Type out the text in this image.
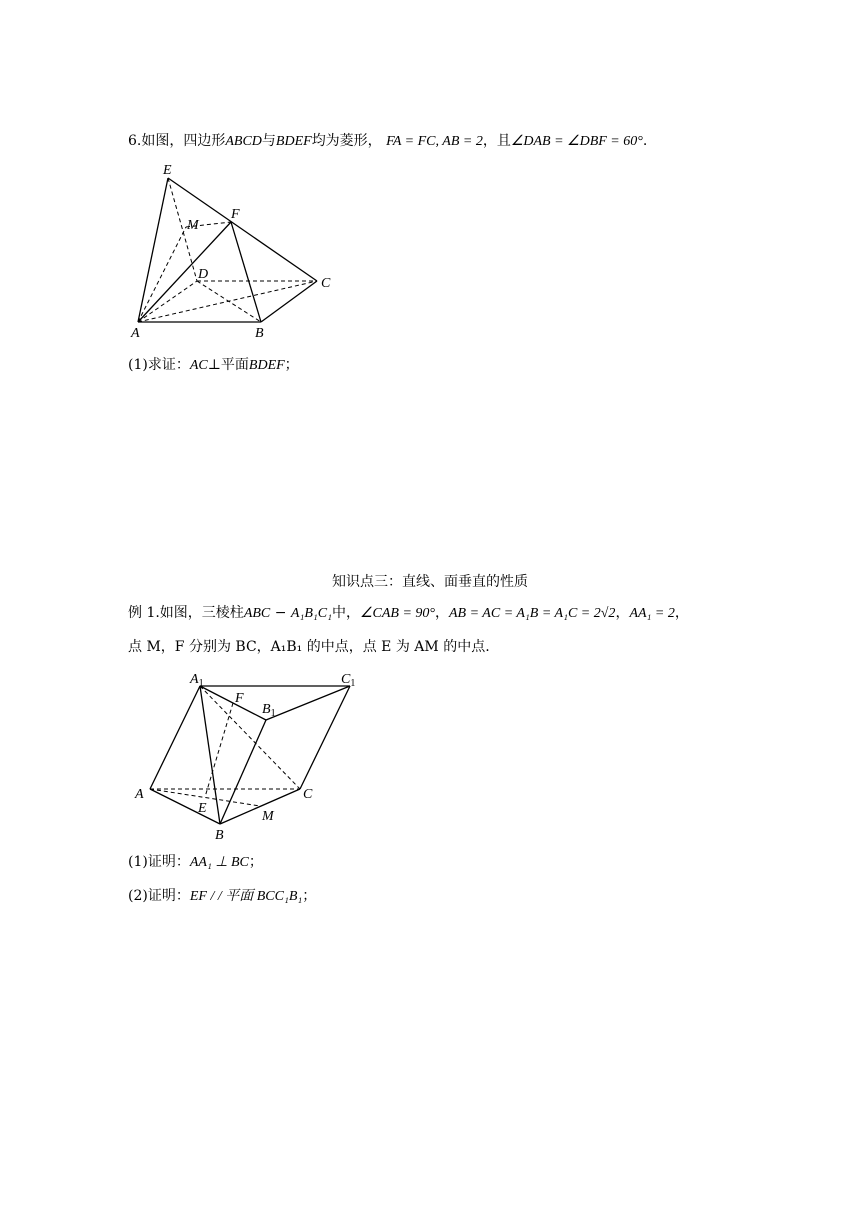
6.如图，四边形ABCD与BDEF均为菱形， FA = FC, AB = 2，且∠DAB = ∠DBF = 60°.
E
M
F
D
C
A	B
(1)求证：AC⊥平面BDEF；
知识点三：直线、面垂直的性质
例 1.如图，三棱柱ABC − A₁B₁C₁中，∠CAB = 90°，AB = AC = A₁B = A₁C = 2√2，AA₁ = 2，
点 M，F 分别为 BC，A₁B₁ 的中点，点 E 为 AM 的中点.
$A_1$	$C_1$
F
$B_1$
A
E
C
M
B
(1)证明：AA₁ ⊥ BC；
(2)证明：EF / / 平面 BCC₁B₁；
